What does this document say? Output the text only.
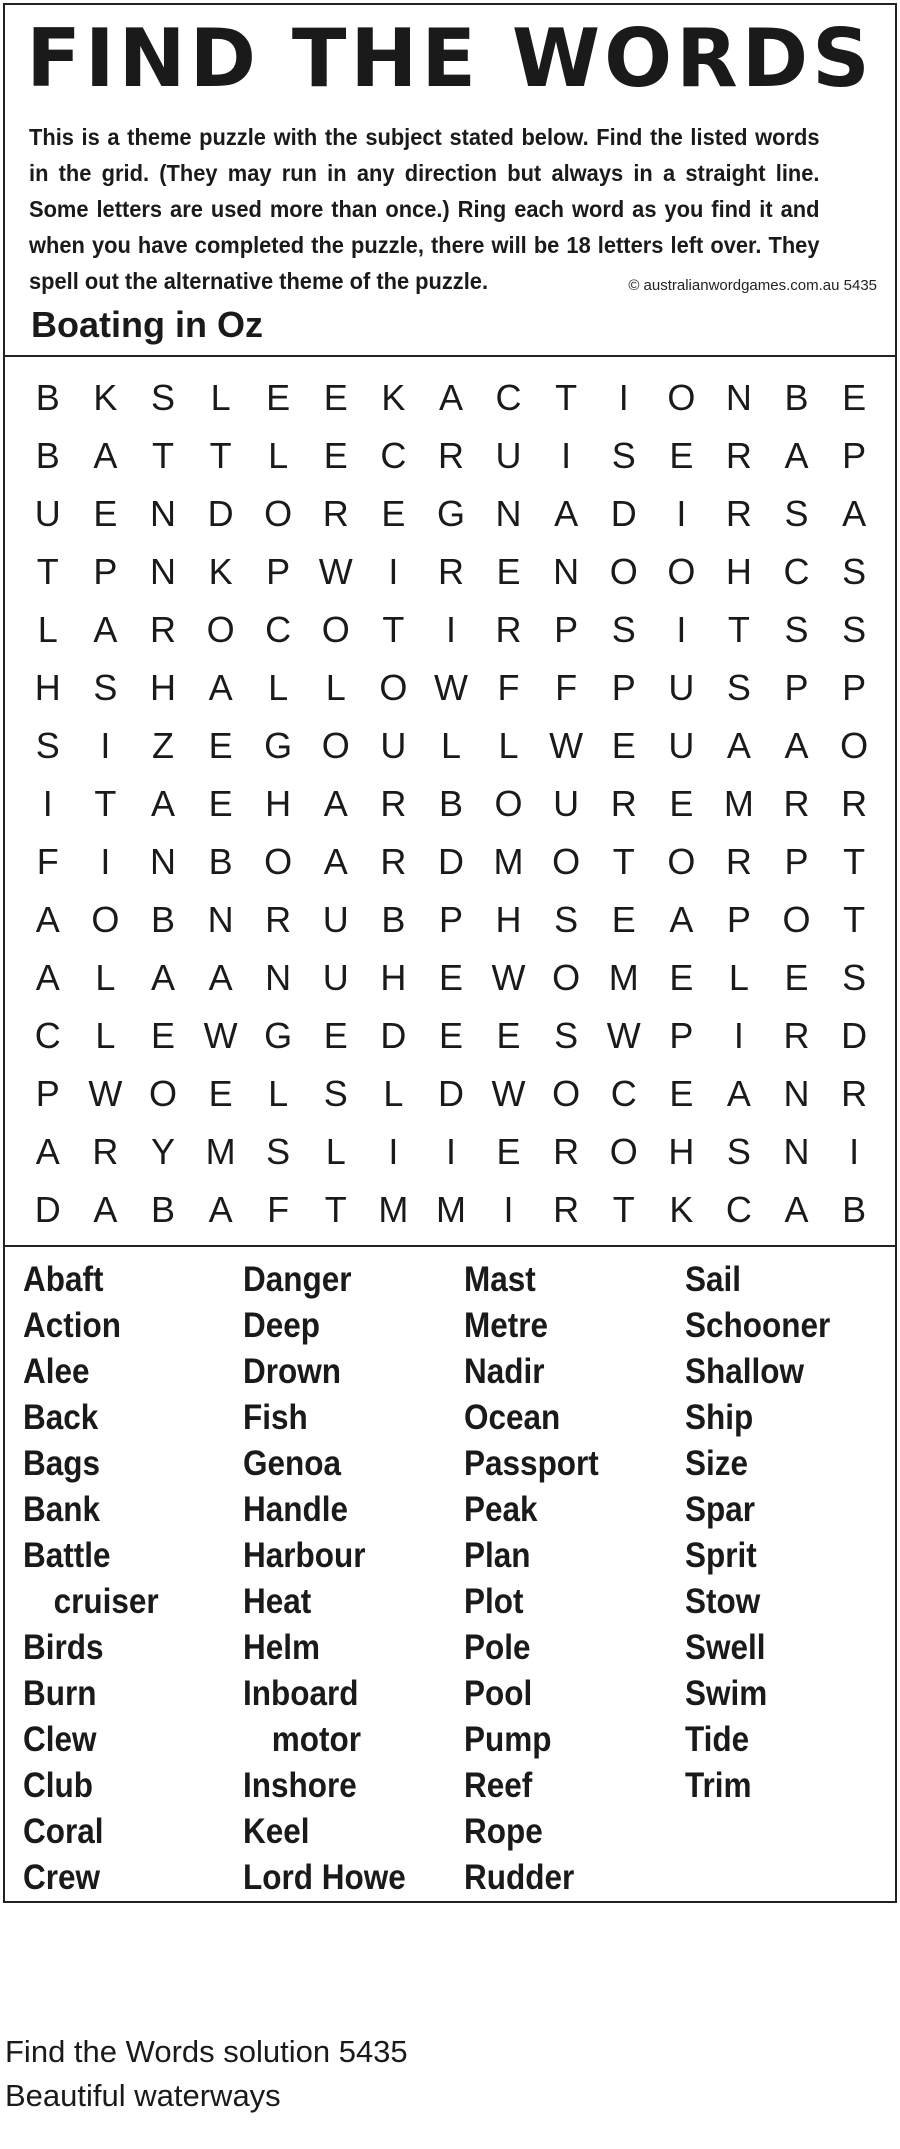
FIND THE WORDS
This is a theme puzzle with the subject stated below. Find the listed words in the grid. (They may run in any direction but always in a straight line. Some letters are used more than once.) Ring each word as you find it and when you have completed the puzzle, there will be 18 letters left over. They spell out the alternative theme of the puzzle.	© australianwordgames.com.au 5435
Boating in Oz
B K S L E E K A C T	I	O N B E
B A T T	L E C R U	I	S E R A P
U E N D O R E G N A D	I	R S A
T P N K P W I	R E N O O H C S
L A R O C O T	I	R P S	I	T S S
H S H A L	L O W F F P U S P P
S	I	Z E G O U L	L W E U A A O
I	T A E H A R B O U R E M R R
F	I	N B O A R D M O T O R P T
A O B N R U B P H S E A P O T
A L A A N U H E W O M E L E S
C L E W G E D E E S W P	I	R D
P W O E L S L D W O C E A N R
A R Y M S L	I	I	E R O H S N	I
D A B A F T M M	I	R T K C A B
Abaft
Action
Alee
Back
Bags
Bank
Battle
cruiser
Birds
Burn
Clew
Club
Coral
Crew
Danger
Deep
Drown
Fish
Genoa
Handle
Harbour
Heat
Helm
Inboard
motor
Inshore
Keel
Lord Howe
Mast
Metre
Nadir
Ocean
Passport
Peak
Plan
Plot
Pole
Pool
Pump
Reef
Rope
Rudder
Sail
Schooner
Shallow
Ship
Size
Spar
Sprit
Stow
Swell
Swim
Tide
Trim
Find the Words solution 5435
Beautiful waterways
